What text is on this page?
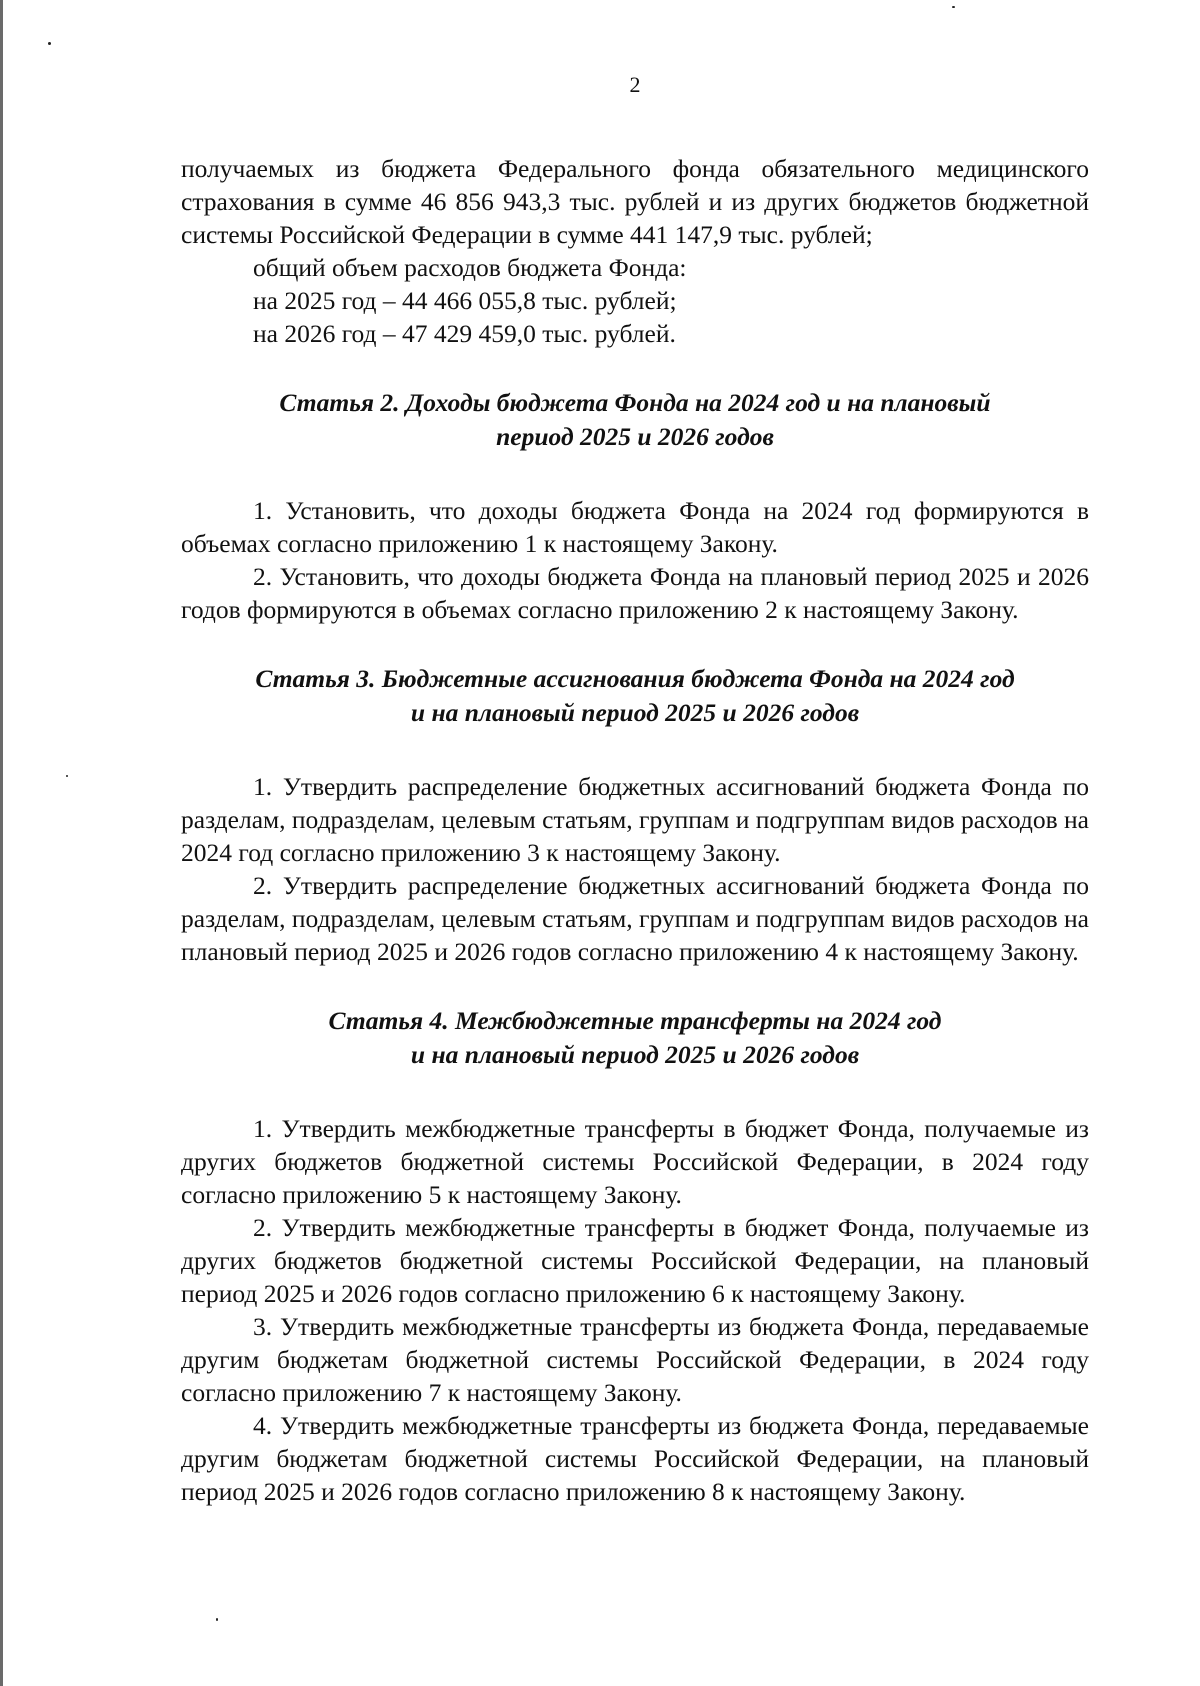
2

получаемых из бюджета Федерального фонда обязательного медицинского страхования в сумме 46 856 943,3 тыс. рублей и из других бюджетов бюджетной системы Российской Федерации в сумме 441 147,9 тыс. рублей;

общий объем расходов бюджета Фонда:

на 2025 год – 44 466 055,8 тыс. рублей;

на 2026 год – 47 429 459,0 тыс. рублей.

Статья 2. Доходы бюджета Фонда на 2024 год и на плановый
период 2025 и 2026 годов

1. Установить, что доходы бюджета Фонда на 2024 год формируются в объемах согласно приложению 1 к настоящему Закону.

2. Установить, что доходы бюджета Фонда на плановый период 2025 и 2026 годов формируются в объемах согласно приложению 2 к настоящему Закону.

Статья 3. Бюджетные ассигнования бюджета Фонда на 2024 год
и на плановый период 2025 и 2026 годов

1. Утвердить распределение бюджетных ассигнований бюджета Фонда по разделам, подразделам, целевым статьям, группам и подгруппам видов расходов на 2024 год согласно приложению 3 к настоящему Закону.

2. Утвердить распределение бюджетных ассигнований бюджета Фонда по разделам, подразделам, целевым статьям, группам и подгруппам видов расходов на плановый период 2025 и 2026 годов согласно приложению 4 к настоящему Закону.

Статья 4. Межбюджетные трансферты на 2024 год
и на плановый период 2025 и 2026 годов

1. Утвердить межбюджетные трансферты в бюджет Фонда, получаемые из других бюджетов бюджетной системы Российской Федерации, в 2024 году согласно приложению 5 к настоящему Закону.

2. Утвердить межбюджетные трансферты в бюджет Фонда, получаемые из других бюджетов бюджетной системы Российской Федерации, на плановый период 2025 и 2026 годов согласно приложению 6 к настоящему Закону.

3. Утвердить межбюджетные трансферты из бюджета Фонда, передаваемые другим бюджетам бюджетной системы Российской Федерации, в 2024 году согласно приложению 7 к настоящему Закону.

4. Утвердить межбюджетные трансферты из бюджета Фонда, передаваемые другим бюджетам бюджетной системы Российской Федерации, на плановый период 2025 и 2026 годов согласно приложению 8 к настоящему Закону.
